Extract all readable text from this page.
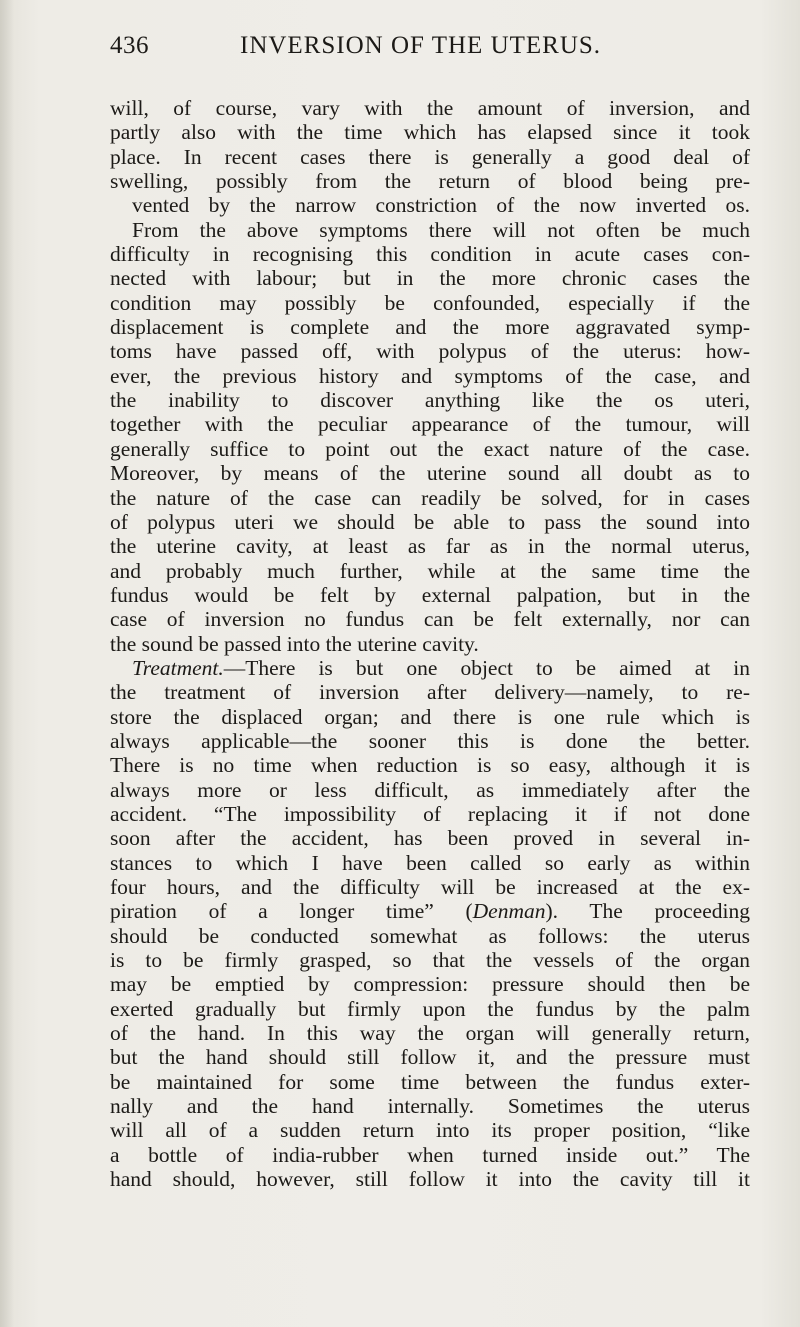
436	INVERSION OF THE UTERUS.
will, of course, vary with the amount of inversion, and
partly also with the time which has elapsed since it took
place. In recent cases there is generally a good deal of
swelling, possibly from the return of blood being pre-
vented by the narrow constriction of the now inverted os.
From the above symptoms there will not often be much
difficulty in recognising this condition in acute cases con-
nected with labour; but in the more chronic cases the
condition may possibly be confounded, especially if the
displacement is complete and the more aggravated symp-
toms have passed off, with polypus of the uterus: how-
ever, the previous history and symptoms of the case, and
the inability to discover anything like the os uteri,
together with the peculiar appearance of the tumour, will
generally suffice to point out the exact nature of the case.
Moreover, by means of the uterine sound all doubt as to
the nature of the case can readily be solved, for in cases
of polypus uteri we should be able to pass the sound into
the uterine cavity, at least as far as in the normal uterus,
and probably much further, while at the same time the
fundus would be felt by external palpation, but in the
case of inversion no fundus can be felt externally, nor can
the sound be passed into the uterine cavity.
Treatment.—There is but one object to be aimed at in
the treatment of inversion after delivery—namely, to re-
store the displaced organ; and there is one rule which is
always applicable—the sooner this is done the better.
There is no time when reduction is so easy, although it is
always more or less difficult, as immediately after the
accident. “The impossibility of replacing it if not done
soon after the accident, has been proved in several in-
stances to which I have been called so early as within
four hours, and the difficulty will be increased at the ex-
piration of a longer time” (Denman). The proceeding
should be conducted somewhat as follows: the uterus
is to be firmly grasped, so that the vessels of the organ
may be emptied by compression: pressure should then be
exerted gradually but firmly upon the fundus by the palm
of the hand. In this way the organ will generally return,
but the hand should still follow it, and the pressure must
be maintained for some time between the fundus exter-
nally and the hand internally. Sometimes the uterus
will all of a sudden return into its proper position, “like
a bottle of india-rubber when turned inside out.” The
hand should, however, still follow it into the cavity till it
